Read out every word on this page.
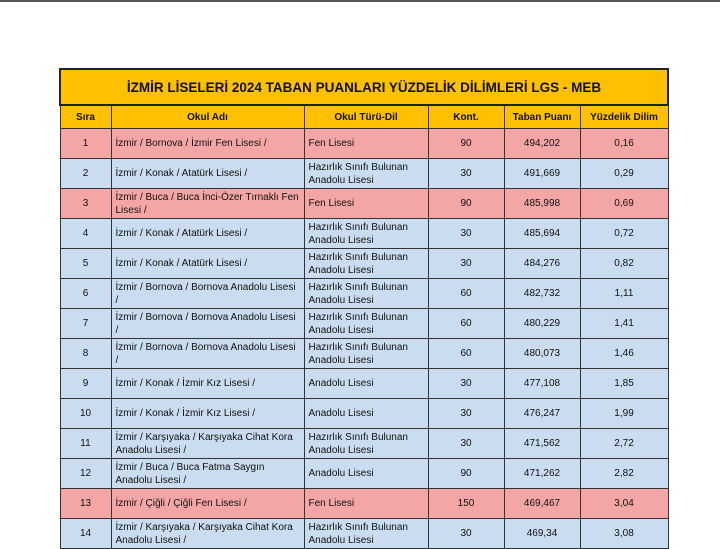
İZMİR LİSELERİ 2024 TABAN PUANLARI YÜZDELİK DİLİMLERİ LGS - MEB					
Sıra	Okul Adı	Okul Türü-Dil	Kont.	Taban Puanı	Yüzdelik Dilim
1	İzmir / Bornova / İzmir Fen Lisesi /	Fen Lisesi	90	494,202	0,16
2	İzmir / Konak / Atatürk Lisesi /	Hazırlık Sınıfı Bulunan Anadolu Lisesi	30	491,669	0,29
3	İzmir / Buca / Buca İnci-Özer Tırnaklı Fen Lisesi /	Fen Lisesi	90	485,998	0,69
4	İzmir / Konak / Atatürk Lisesi /	Hazırlık Sınıfı Bulunan Anadolu Lisesi	30	485,694	0,72
5	İzmir / Konak / Atatürk Lisesi /	Hazırlık Sınıfı Bulunan Anadolu Lisesi	30	484,276	0,82
6	İzmir / Bornova / Bornova Anadolu Lisesi /	Hazırlık Sınıfı Bulunan Anadolu Lisesi	60	482,732	1,11
7	İzmir / Bornova / Bornova Anadolu Lisesi /	Hazırlık Sınıfı Bulunan Anadolu Lisesi	60	480,229	1,41
8	İzmir / Bornova / Bornova Anadolu Lisesi /	Hazırlık Sınıfı Bulunan Anadolu Lisesi	60	480,073	1,46
9	İzmir / Konak / İzmir Kız Lisesi /	Anadolu Lisesi	30	477,108	1,85
10	İzmir / Konak / İzmir Kız Lisesi /	Anadolu Lisesi	30	476,247	1,99
11	İzmir / Karşıyaka / Karşıyaka Cihat Kora Anadolu Lisesi /	Hazırlık Sınıfı Bulunan Anadolu Lisesi	30	471,562	2,72
12	İzmir / Buca / Buca Fatma Saygın Anadolu Lisesi /	Anadolu Lisesi	90	471,262	2,82
13	İzmir / Çiğli / Çiğli Fen Lisesi /	Fen Lisesi	150	469,467	3,04
14	İzmir / Karşıyaka / Karşıyaka Cihat Kora Anadolu Lisesi /	Hazırlık Sınıfı Bulunan Anadolu Lisesi	30	469,34	3,08
